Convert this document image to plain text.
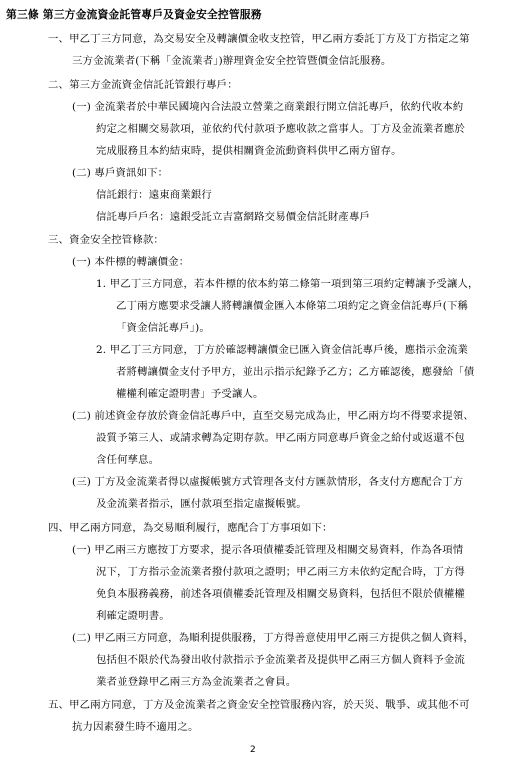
第三條 第三方金流資金託管專戶及資金安全控管服務
一、甲乙丁三方同意，為交易安全及轉讓價金收支控管，甲乙兩方委託丁方及丁方指定之第
三方金流業者(下稱「金流業者」)辦理資金安全控管暨價金信託服務。
二、第三方金流資金信託託管銀行專戶：
(一) 金流業者於中華民國境內合法設立營業之商業銀行開立信託專戶，依約代收本約
約定之相關交易款項，並依約代付款項予應收款之當事人。丁方及金流業者應於
完成服務且本約結束時，提供相關資金流動資料供甲乙兩方留存。
(二) 專戶資訊如下：
信託銀行：遠東商業銀行
信託專戶戶名：遠銀受託立吉富網路交易價金信託財產專戶
三、資金安全控管條款：
(一) 本件標的轉讓價金：
1. 甲乙丁三方同意，若本件標的依本約第二條第一項到第三項約定轉讓予受讓人，
乙丁兩方應要求受讓人將轉讓價金匯入本條第二項約定之資金信託專戶(下稱
「資金信託專戶」)。
2. 甲乙丁三方同意，丁方於確認轉讓價金已匯入資金信託專戶後，應指示金流業
者將轉讓價金支付予甲方，並出示指示紀錄予乙方；乙方確認後，應發給「債
權權利確定證明書」予受讓人。
(二) 前述資金存放於資金信託專戶中，直至交易完成為止，甲乙兩方均不得要求提領、
設質予第三人、或請求轉為定期存款。甲乙兩方同意專戶資金之給付或返還不包
含任何孳息。
(三) 丁方及金流業者得以虛擬帳號方式管理各支付方匯款情形，各支付方應配合丁方
及金流業者指示，匯付款項至指定虛擬帳號。
四、甲乙兩方同意，為交易順利履行，應配合丁方事項如下：
(一) 甲乙兩三方應按丁方要求，提示各項債權委託管理及相關交易資料，作為各項情
況下，丁方指示金流業者撥付款項之證明；甲乙兩三方未依約定配合時，丁方得
免負本服務義務，前述各項債權委託管理及相關交易資料，包括但不限於債權權
利確定證明書。
(二) 甲乙兩三方同意，為順利提供服務，丁方得善意使用甲乙兩三方提供之個人資料，
包括但不限於代為發出收付款指示予金流業者及提供甲乙兩三方個人資料予金流
業者並登錄甲乙兩三方為金流業者之會員。
五、甲乙兩方同意，丁方及金流業者之資金安全控管服務內容，於天災、戰爭、或其他不可
抗力因素發生時不適用之。
2
